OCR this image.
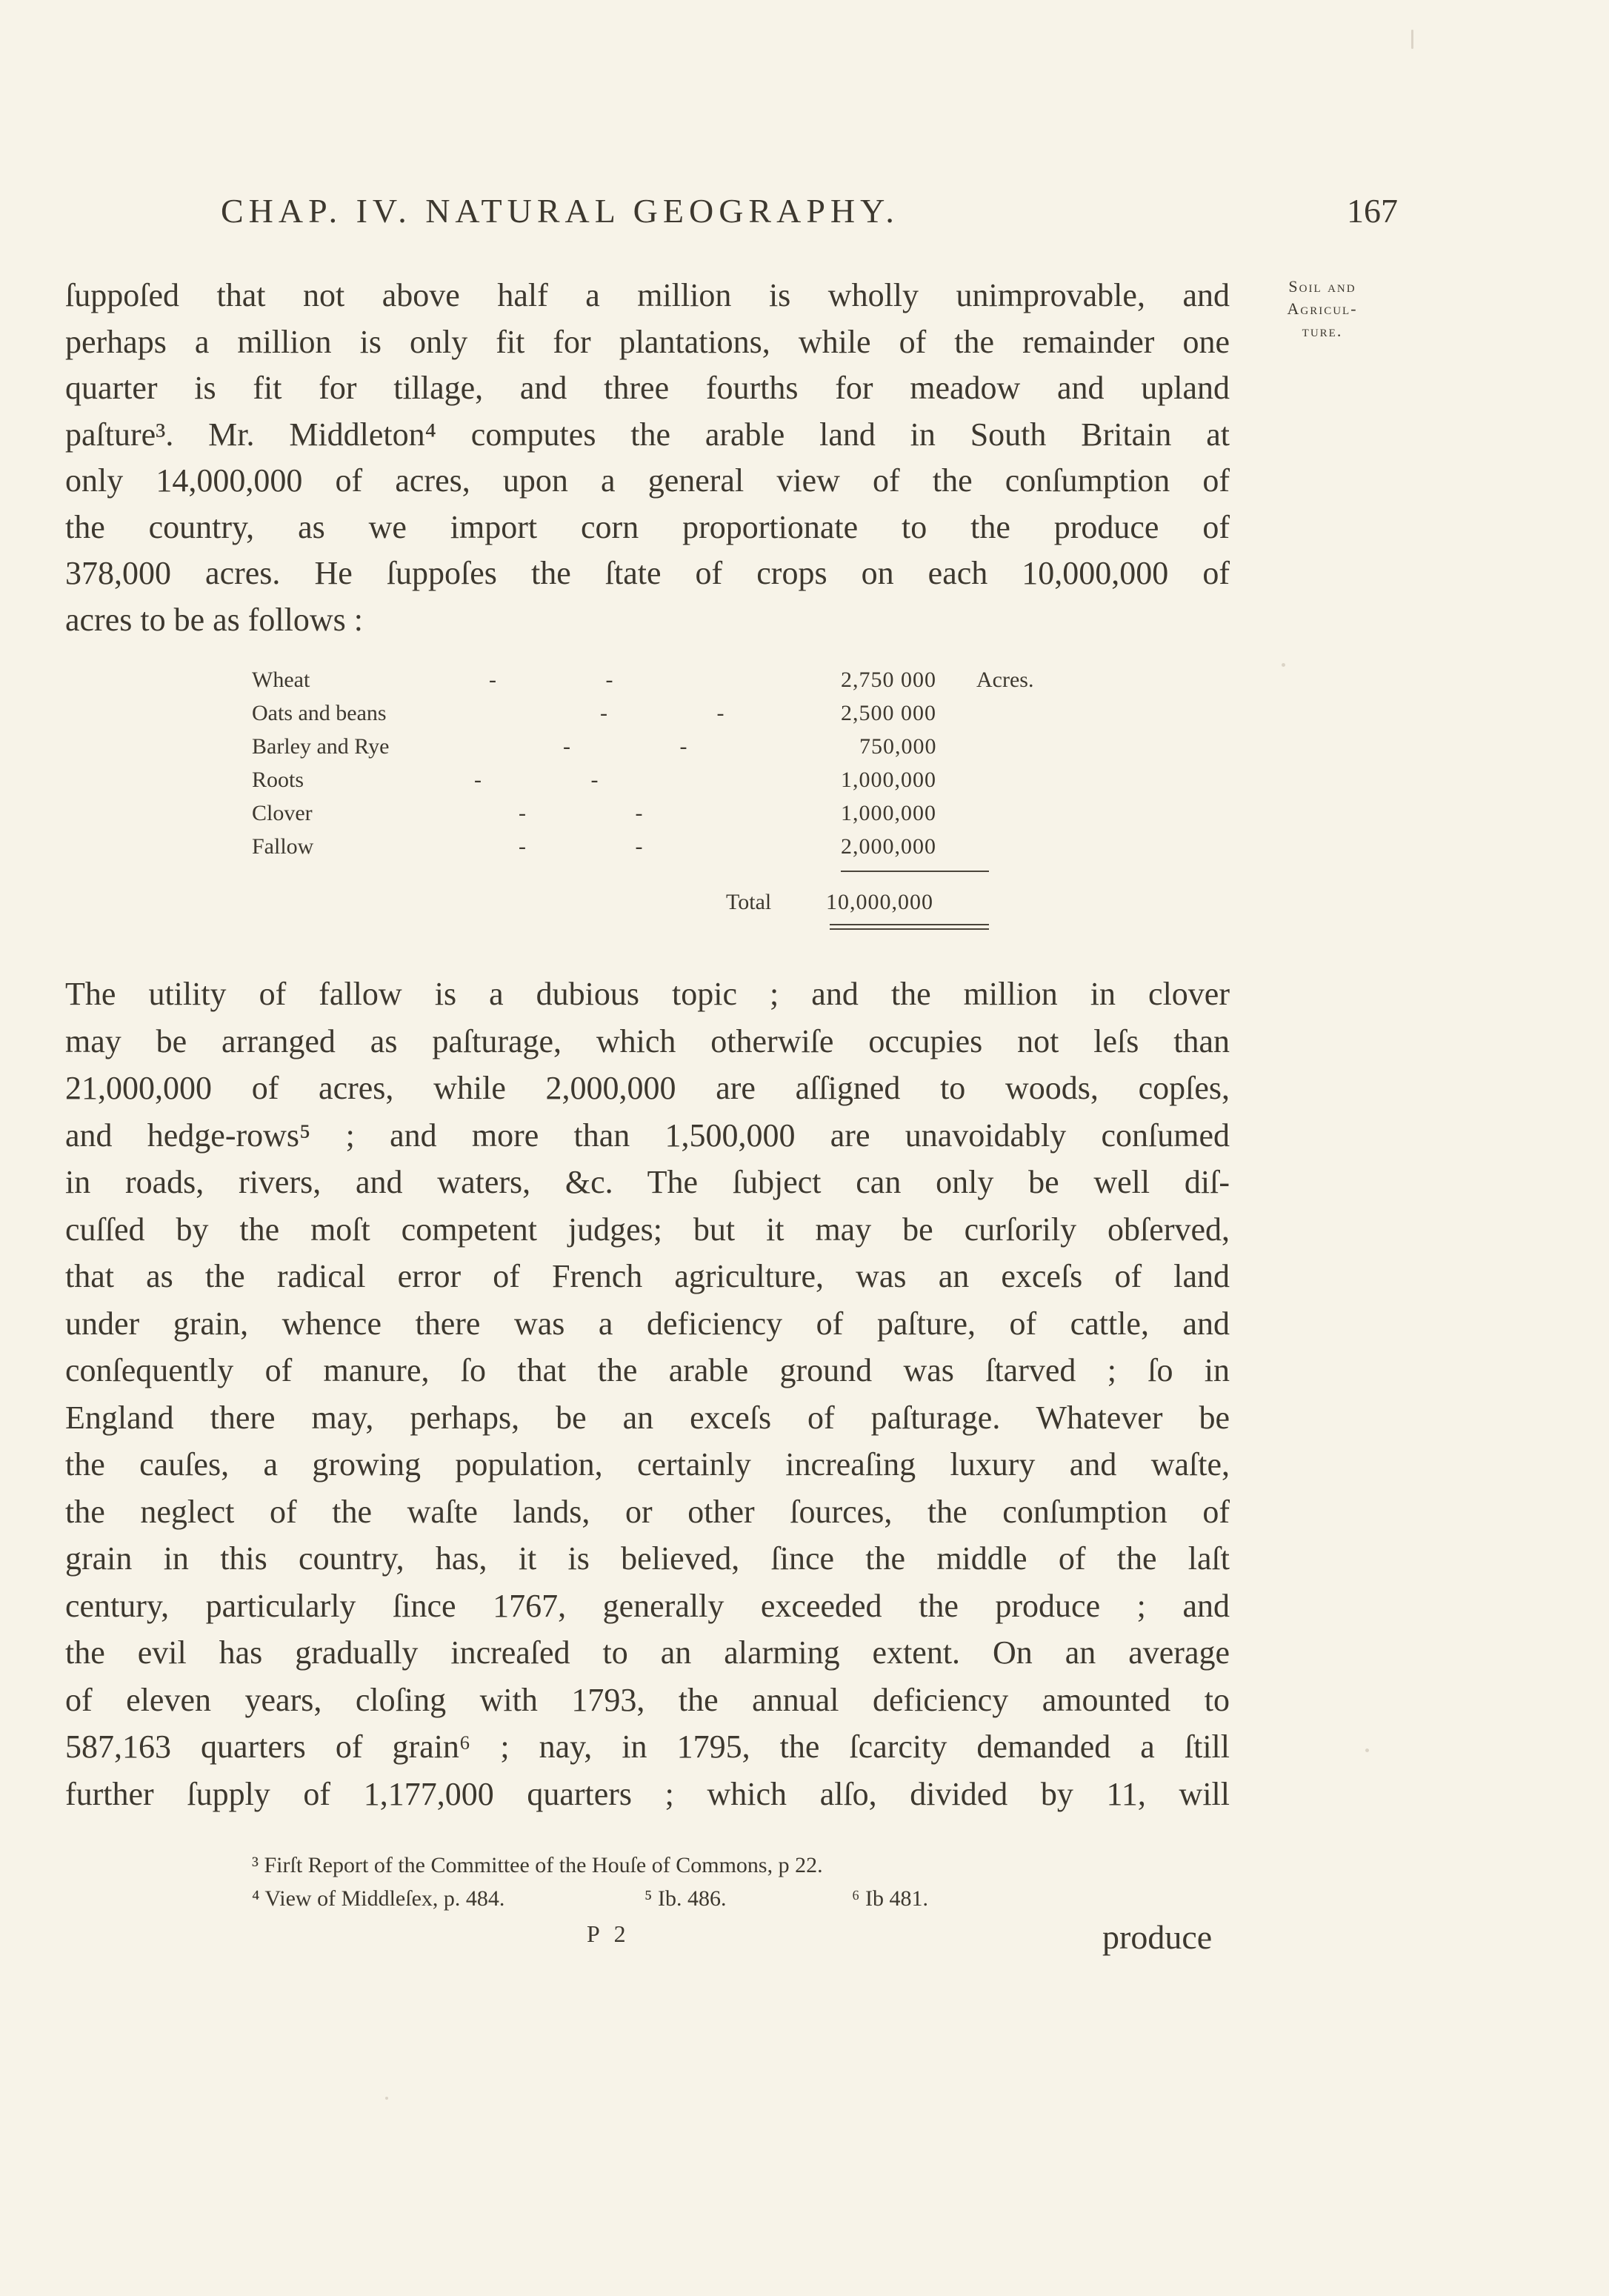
CHAP. IV. NATURAL GEOGRAPHY.	167
Soil and
Agricul-
ture.
ſuppoſed that not above half a million is wholly unimprovable, and
perhaps a million is only fit for plantations, while of the remainder one
quarter is fit for tillage, and three fourths for meadow and upland
paſture³. Mr. Middleton⁴ computes the arable land in South Britain at
only 14,000,000 of acres, upon a general view of the conſumption of
the country, as we import corn proportionate to the produce of
378,000 acres. He ſuppoſes the ſtate of crops on each 10,000,000 of
acres to be as follows :
Wheat	- -	2,750 000 Acres.
Oats and beans	- -	2,500 000
Barley and Rye	- -	750,000
Roots	- -	1,000,000
Clover	- -	1,000,000
Fallow	- -	2,000,000
Total 10,000,000
The utility of fallow is a dubious topic ; and the million in clover
may be arranged as paſturage, which otherwiſe occupies not leſs than
21,000,000 of acres, while 2,000,000 are aſſigned to woods, copſes,
and hedge-rows⁵ ; and more than 1,500,000 are unavoidably conſumed
in roads, rivers, and waters, &c. The ſubject can only be well diſ-
cuſſed by the moſt competent judges; but it may be curſorily obſerved,
that as the radical error of French agriculture, was an exceſs of land
under grain, whence there was a deficiency of paſture, of cattle, and
conſequently of manure, ſo that the arable ground was ſtarved ; ſo in
England there may, perhaps, be an exceſs of paſturage. Whatever be
the cauſes, a growing population, certainly increaſing luxury and waſte,
the neglect of the waſte lands, or other ſources, the conſumption of
grain in this country, has, it is believed, ſince the middle of the laſt
century, particularly ſince 1767, generally exceeded the produce ; and
the evil has gradually increaſed to an alarming extent. On an average
of eleven years, cloſing with 1793, the annual deficiency amounted to
587,163 quarters of grain⁶ ; nay, in 1795, the ſcarcity demanded a ſtill
further ſupply of 1,177,000 quarters ; which alſo, divided by 11, will
³ Firſt Report of the Committee of the Houſe of Commons, p 22.
⁴ View of Middleſex, p. 484.	⁵ Ib. 486.	⁶ Ib 481.
P 2	produce
